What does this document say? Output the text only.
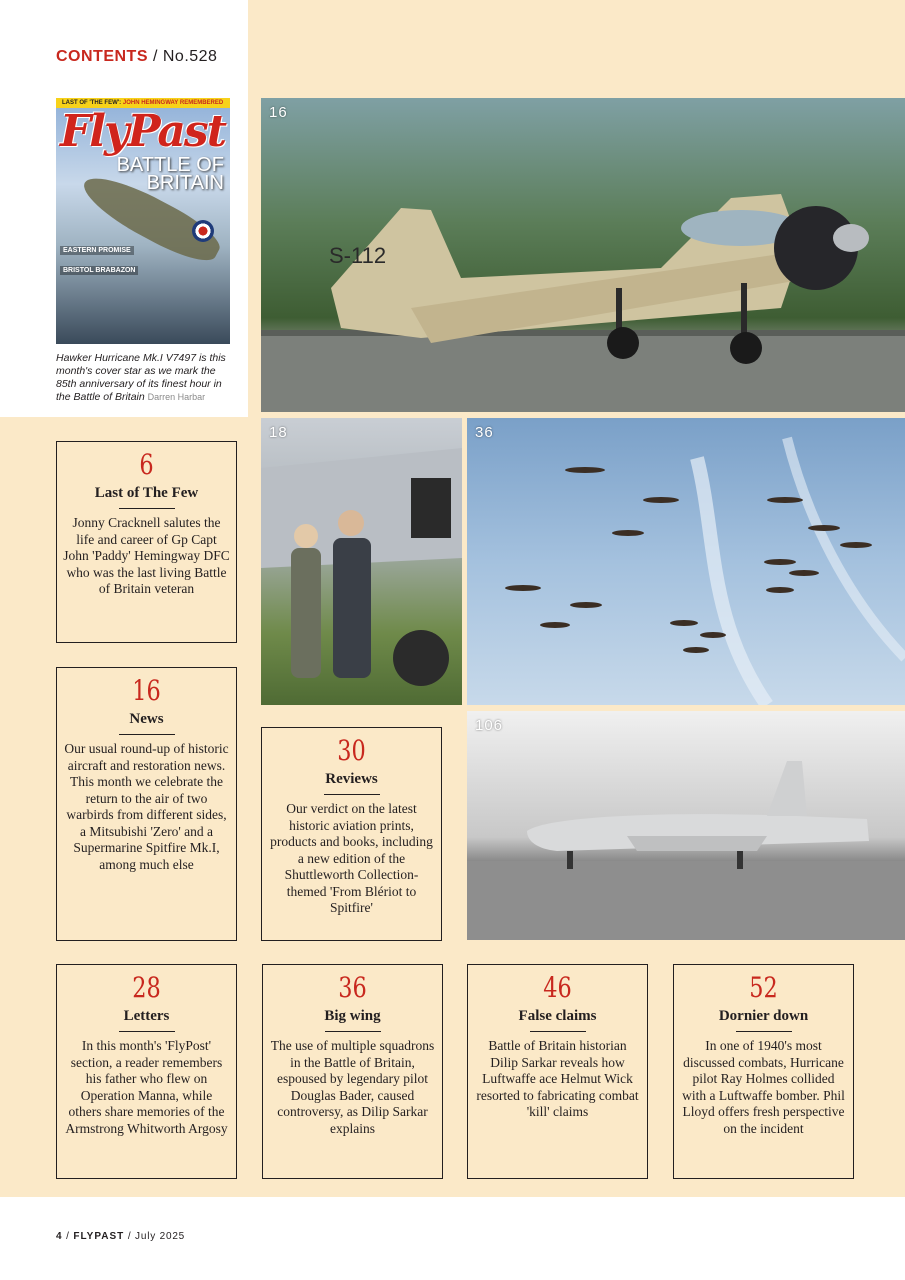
CONTENTS / No.528
LAST OF 'THE FEW': JOHN HEMINGWAY REMEMBERED
FlyPast
BATTLE OF BRITAIN
EASTERN PROMISE
BRISTOL BRABAZON
Hawker Hurricane Mk.I V7497 is this month's cover star as we mark the 85th anniversary of its finest hour in the Battle of Britain Darren Harbar
S-112
16
18	36
106
6
Last of The Few
Jonny Cracknell salutes the life and career of Gp Capt John 'Paddy' Hemingway DFC who was the last living Battle of Britain veteran
16
News
Our usual round-up of historic aircraft and restoration news. This month we celebrate the return to the air of two warbirds from different sides, a Mitsubishi 'Zero' and a Supermarine Spitfire Mk.I, among much else
30
Reviews
Our verdict on the latest historic aviation prints, products and books, including a new edition of the Shuttleworth Collection-themed 'From Blériot to Spitfire'
28
Letters
In this month's 'FlyPost' section, a reader remembers his father who flew on Operation Manna, while others share memories of the Armstrong Whitworth Argosy
36
Big wing
The use of multiple squadrons in the Battle of Britain, espoused by legendary pilot Douglas Bader, caused controversy, as Dilip Sarkar explains
46
False claims
Battle of Britain historian Dilip Sarkar reveals how Luftwaffe ace Helmut Wick resorted to fabricating combat 'kill' claims
52
Dornier down
In one of 1940's most discussed combats, Hurricane pilot Ray Holmes collided with a Luftwaffe bomber. Phil Lloyd offers fresh perspective on the incident
4 / FLYPAST / July 2025
